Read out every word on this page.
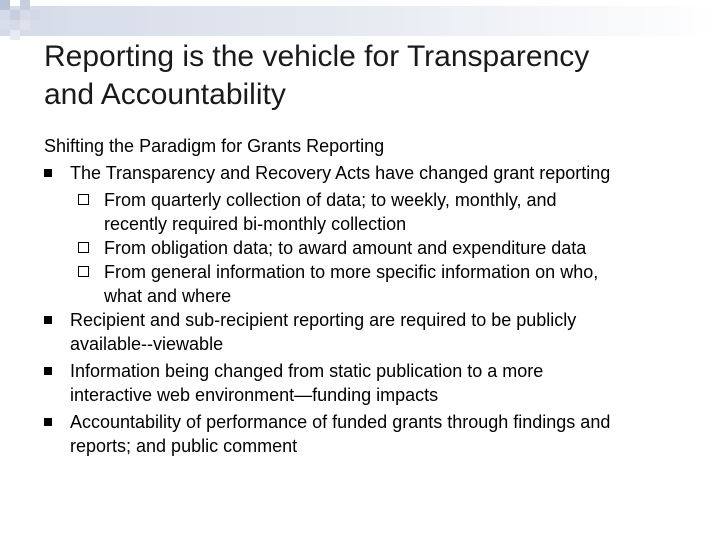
Reporting is the vehicle for Transparency
and Accountability

Shifting the Paradigm for Grants Reporting

The Transparency and Recovery Acts have changed grant reporting
From quarterly collection of data; to weekly, monthly, and
recently required bi-monthly collection
From obligation data; to award amount and expenditure data
From general information to more specific information on who,
what and where
Recipient and sub-recipient reporting are required to be publicly
available--viewable
Information being changed from static publication to a more
interactive web environment—funding impacts
Accountability of performance of funded grants through findings and
reports; and public comment
